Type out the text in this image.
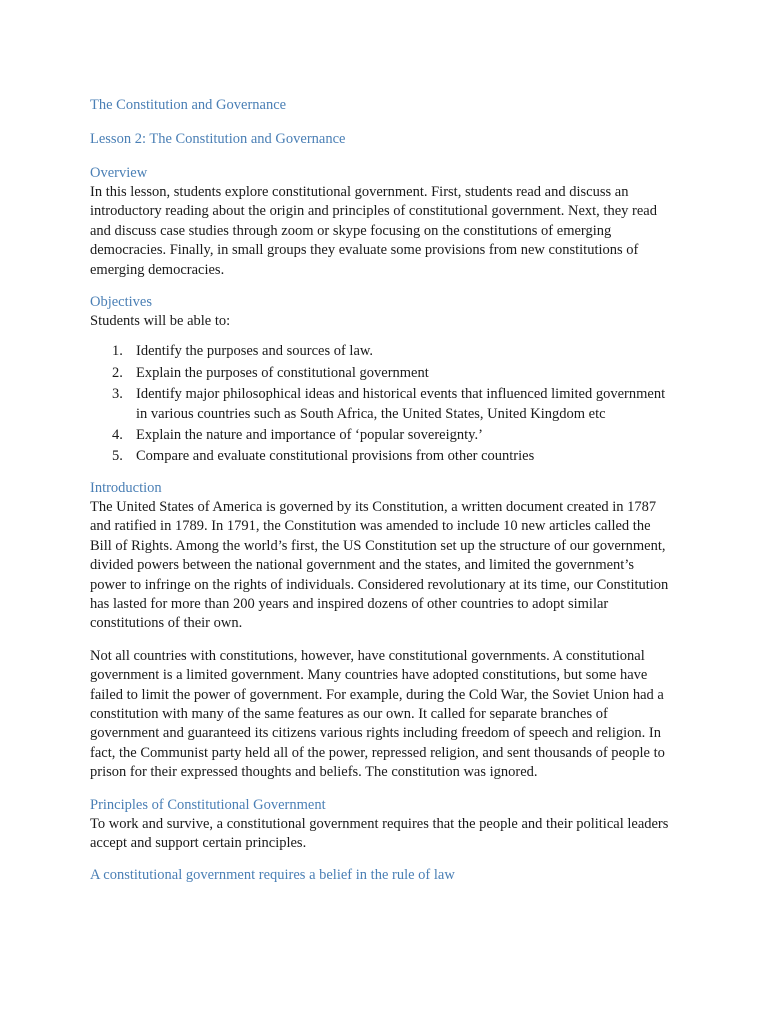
The Constitution and Governance
Lesson 2: The Constitution and Governance
Overview

In this lesson, students explore constitutional government. First, students read and discuss an introductory reading about the origin and principles of constitutional government. Next, they read and discuss case studies through zoom or skype focusing on the constitutions of emerging democracies. Finally, in small groups they evaluate some provisions from new constitutions of emerging democracies.

Objectives

Students will be able to:

1. Identify the purposes and sources of law.
2. Explain the purposes of constitutional government
3. Identify major philosophical ideas and historical events that influenced limited government in various countries such as South Africa, the United States, United Kingdom etc
4. Explain the nature and importance of ‘popular sovereignty.’
5. Compare and evaluate constitutional provisions from other countries
Introduction

The United States of America is governed by its Constitution, a written document created in 1787 and ratified in 1789. In 1791, the Constitution was amended to include 10 new articles called the Bill of Rights. Among the world’s first, the US Constitution set up the structure of our government, divided powers between the national government and the states, and limited the government’s power to infringe on the rights of individuals. Considered revolutionary at its time, our Constitution has lasted for more than 200 years and inspired dozens of other countries to adopt similar constitutions of their own.

Not all countries with constitutions, however, have constitutional governments. A constitutional government is a limited government. Many countries have adopted constitutions, but some have failed to limit the power of government. For example, during the Cold War, the Soviet Union had a constitution with many of the same features as our own. It called for separate branches of government and guaranteed its citizens various rights including freedom of speech and religion. In fact, the Communist party held all of the power, repressed religion, and sent thousands of people to prison for their expressed thoughts and beliefs. The constitution was ignored.

Principles of Constitutional Government

To work and survive, a constitutional government requires that the people and their political leaders accept and support certain principles.

A constitutional government requires a belief in the rule of law
